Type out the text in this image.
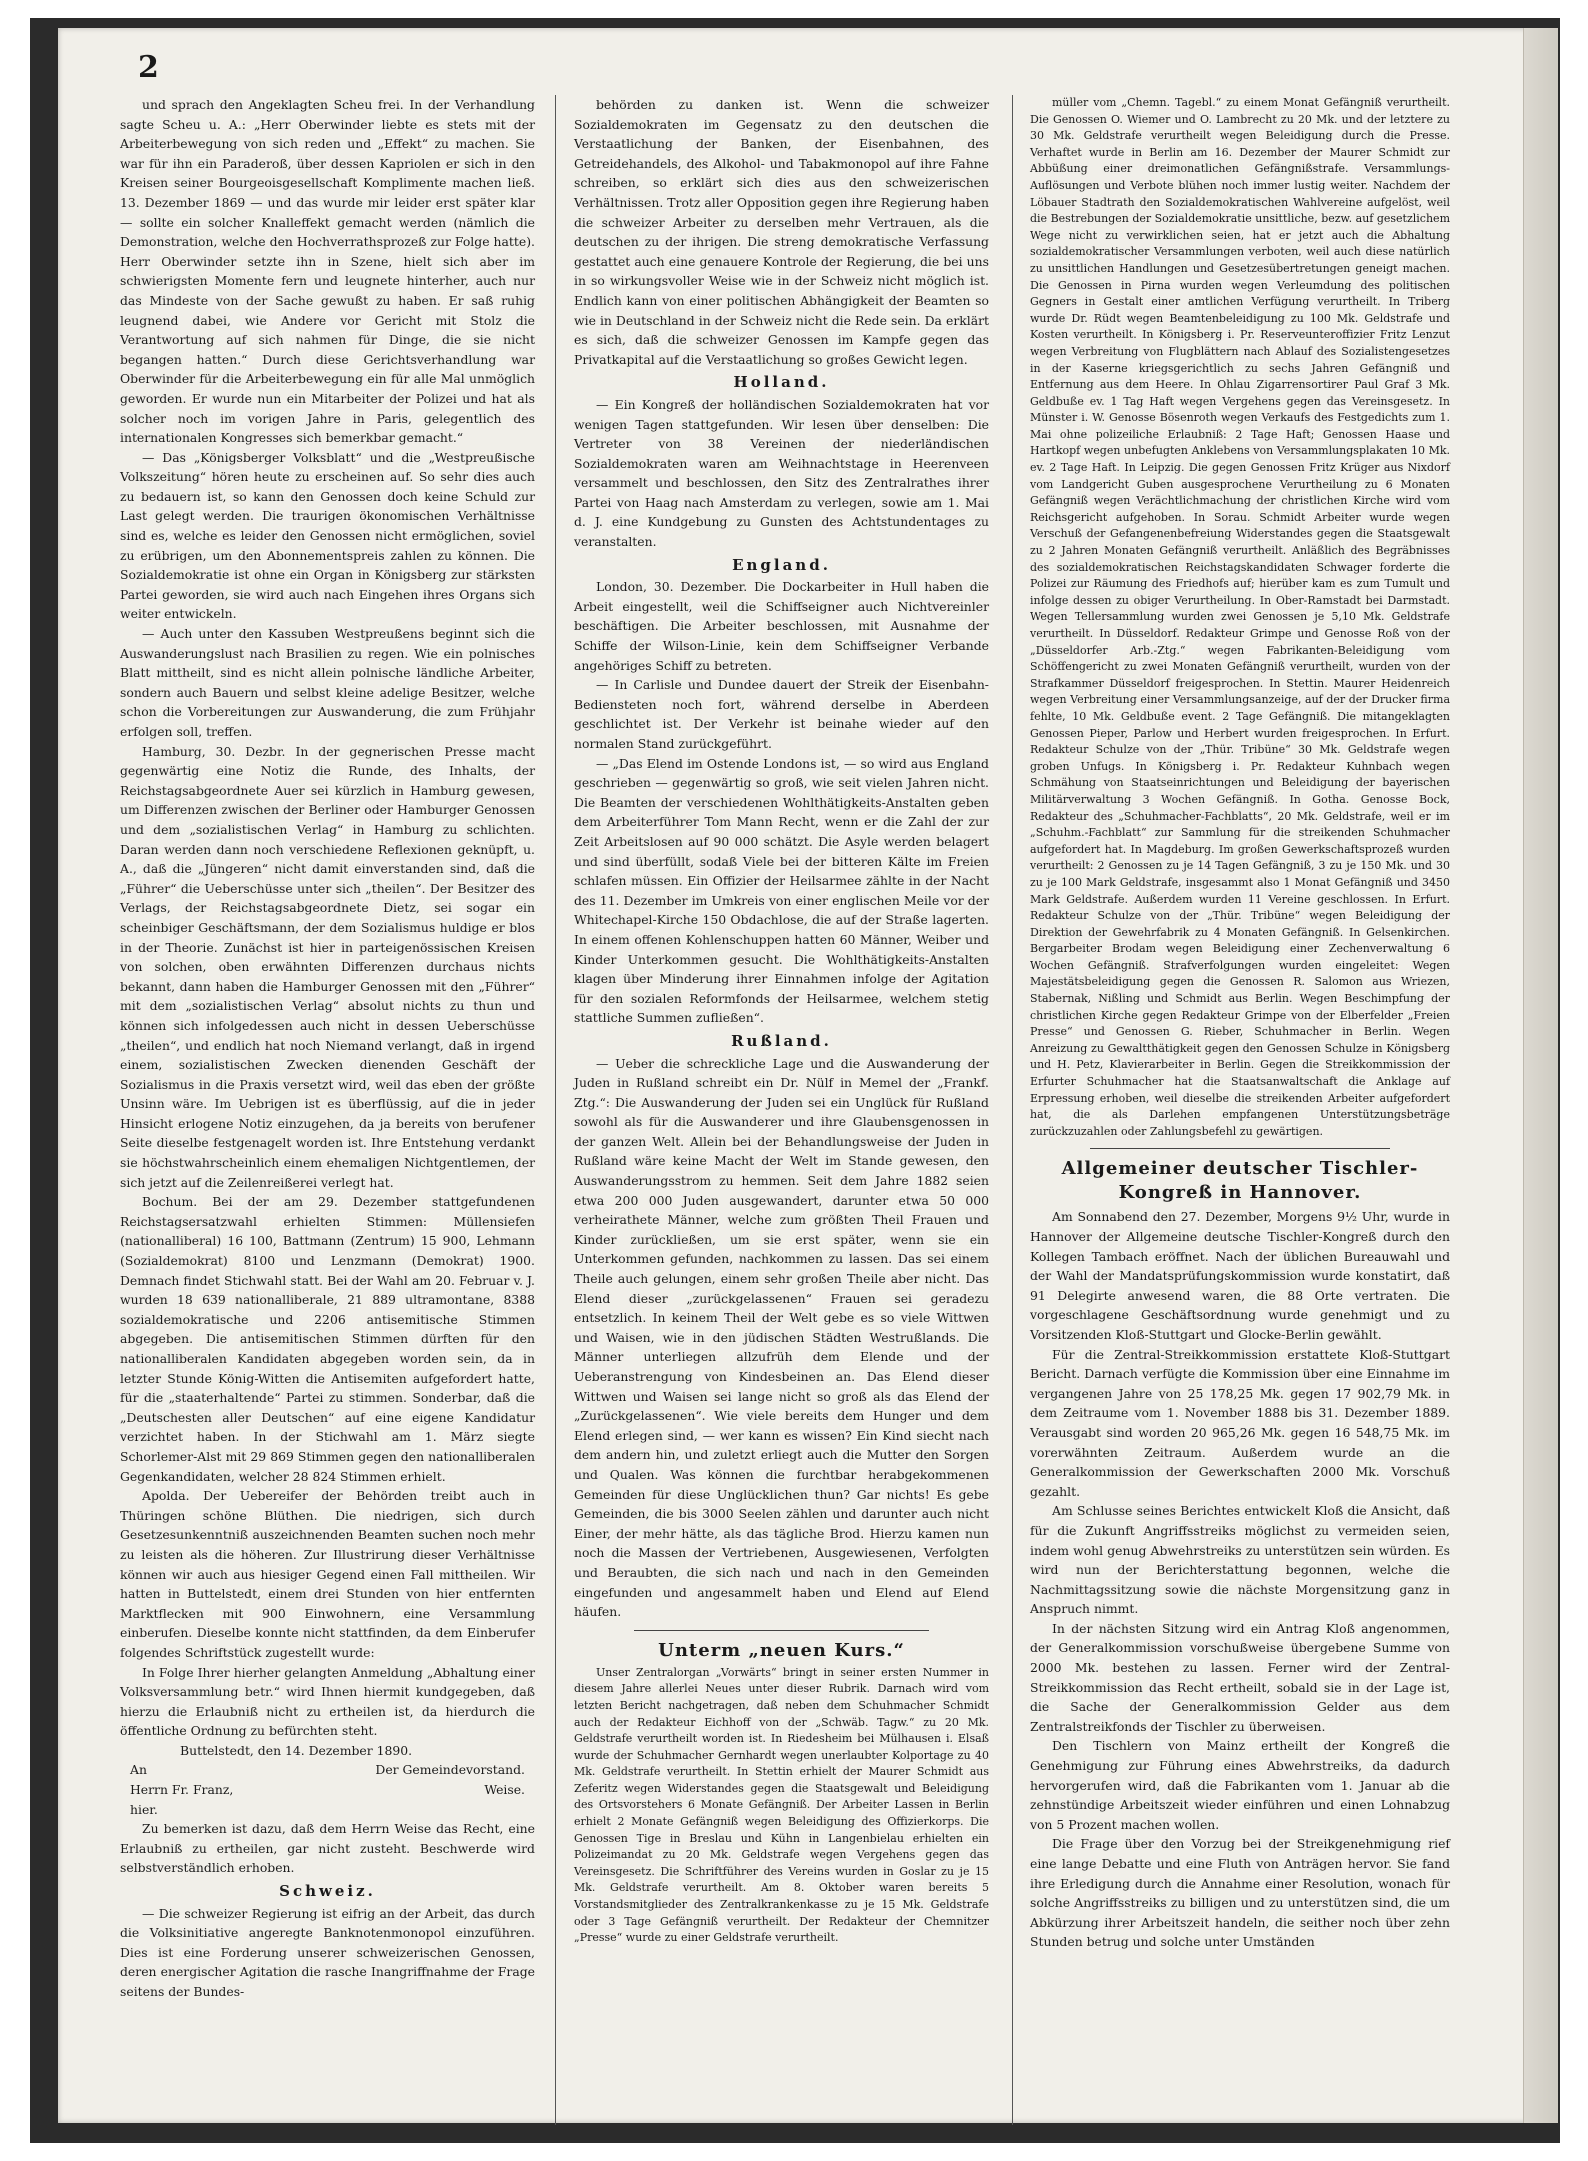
2

und sprach den Angeklagten Scheu frei. In der Verhandlung sagte Scheu u. A.: „Herr Oberwinder liebte es stets mit der Arbeiterbewegung von sich reden und „Effekt“ zu machen. Sie war für ihn ein Paraderoß, über dessen Kapriolen er sich in den Kreisen seiner Bourgeoisgesellschaft Komplimente machen ließ. 13. Dezember 1869 — und das wurde mir leider erst später klar — sollte ein solcher Knalleffekt gemacht werden (nämlich die Demonstration, welche den Hochverrathsprozeß zur Folge hatte). Herr Oberwinder setzte ihn in Szene, hielt sich aber im schwierigsten Momente fern und leugnete hinterher, auch nur das Mindeste von der Sache gewußt zu haben. Er saß ruhig leugnend dabei, wie Andere vor Gericht mit Stolz die Verantwortung auf sich nahmen für Dinge, die sie nicht begangen hatten.“ Durch diese Gerichtsverhandlung war Oberwinder für die Arbeiterbewegung ein für alle Mal unmöglich geworden. Er wurde nun ein Mitarbeiter der Polizei und hat als solcher noch im vorigen Jahre in Paris, gelegentlich des internationalen Kongresses sich bemerkbar gemacht.“

— Das „Königsberger Volksblatt“ und die „Westpreußische Volkszeitung“ hören heute zu erscheinen auf. So sehr dies auch zu bedauern ist, so kann den Genossen doch keine Schuld zur Last gelegt werden. Die traurigen ökonomischen Verhältnisse sind es, welche es leider den Genossen nicht ermöglichen, soviel zu erübrigen, um den Abonnementspreis zahlen zu können. Die Sozialdemokratie ist ohne ein Organ in Königsberg zur stärksten Partei geworden, sie wird auch nach Eingehen ihres Organs sich weiter entwickeln.

— Auch unter den Kassuben Westpreußens beginnt sich die Auswanderungslust nach Brasilien zu regen. Wie ein polnisches Blatt mittheilt, sind es nicht allein polnische ländliche Arbeiter, sondern auch Bauern und selbst kleine adelige Besitzer, welche schon die Vorbereitungen zur Auswanderung, die zum Frühjahr erfolgen soll, treffen.

Hamburg, 30. Dezbr. In der gegnerischen Presse macht gegenwärtig eine Notiz die Runde, des Inhalts, der Reichstagsabgeordnete Auer sei kürzlich in Hamburg gewesen, um Differenzen zwischen der Berliner oder Hamburger Genossen und dem „sozialistischen Verlag“ in Hamburg zu schlichten. Daran werden dann noch verschiedene Reflexionen geknüpft, u. A., daß die „Jüngeren“ nicht damit einverstanden sind, daß die „Führer“ die Ueberschüsse unter sich „theilen“. Der Besitzer des Verlags, der Reichstagsabgeordnete Dietz, sei sogar ein scheinbiger Geschäftsmann, der dem Sozialismus huldige er blos in der Theorie. Zunächst ist hier in parteigenössischen Kreisen von solchen, oben erwähnten Differenzen durchaus nichts bekannt, dann haben die Hamburger Genossen mit den „Führer“ mit dem „sozialistischen Verlag“ absolut nichts zu thun und können sich infolgedessen auch nicht in dessen Ueberschüsse „theilen“, und endlich hat noch Niemand verlangt, daß in irgend einem, sozialistischen Zwecken dienenden Geschäft der Sozialismus in die Praxis versetzt wird, weil das eben der größte Unsinn wäre. Im Uebrigen ist es überflüssig, auf die in jeder Hinsicht erlogene Notiz einzugehen, da ja bereits von berufener Seite dieselbe festgenagelt worden ist. Ihre Entstehung verdankt sie höchstwahrscheinlich einem ehemaligen Nichtgentlemen, der sich jetzt auf die Zeilenreißerei verlegt hat.

Bochum. Bei der am 29. Dezember stattgefundenen Reichstagsersatzwahl erhielten Stimmen: Müllensiefen (nationalliberal) 16 100, Battmann (Zentrum) 15 900, Lehmann (Sozialdemokrat) 8100 und Lenzmann (Demokrat) 1900. Demnach findet Stichwahl statt. Bei der Wahl am 20. Februar v. J. wurden 18 639 nationalliberale, 21 889 ultramontane, 8388 sozialdemokratische und 2206 antisemitische Stimmen abgegeben. Die antisemitischen Stimmen dürften für den nationalliberalen Kandidaten abgegeben worden sein, da in letzter Stunde König-Witten die Antisemiten aufgefordert hatte, für die „staaterhaltende“ Partei zu stimmen. Sonderbar, daß die „Deutschesten aller Deutschen“ auf eine eigene Kandidatur verzichtet haben. In der Stichwahl am 1. März siegte Schorlemer-Alst mit 29 869 Stimmen gegen den nationalliberalen Gegenkandidaten, welcher 28 824 Stimmen erhielt.

Apolda. Der Uebereifer der Behörden treibt auch in Thüringen schöne Blüthen. Die niedrigen, sich durch Gesetzesunkenntniß auszeichnenden Beamten suchen noch mehr zu leisten als die höheren. Zur Illustrirung dieser Verhältnisse können wir auch aus hiesiger Gegend einen Fall mittheilen. Wir hatten in Buttelstedt, einem drei Stunden von hier entfernten Marktflecken mit 900 Einwohnern, eine Versammlung einberufen. Dieselbe konnte nicht stattfinden, da dem Einberufer folgendes Schriftstück zugestellt wurde:

In Folge Ihrer hierher gelangten Anmeldung „Abhaltung einer Volksversammlung betr.“ wird Ihnen hiermit kundgegeben, daß hierzu die Erlaubniß nicht zu ertheilen ist, da hierdurch die öffentliche Ordnung zu befürchten steht.

Buttelstedt, den 14. Dezember 1890.

An	Der Gemeindevorstand.
Herrn Fr. Franz,	Weise.
hier.

Zu bemerken ist dazu, daß dem Herrn Weise das Recht, eine Erlaubniß zu ertheilen, gar nicht zusteht. Beschwerde wird selbstverständlich erhoben.

Schweiz.

— Die schweizer Regierung ist eifrig an der Arbeit, das durch die Volksinitiative angeregte Banknotenmonopol einzuführen. Dies ist eine Forderung unserer schweizerischen Genossen, deren energischer Agitation die rasche Inangriffnahme der Frage seitens der Bundes-

behörden zu danken ist. Wenn die schweizer Sozialdemokraten im Gegensatz zu den deutschen die Verstaatlichung der Banken, der Eisenbahnen, des Getreidehandels, des Alkohol- und Tabakmonopol auf ihre Fahne schreiben, so erklärt sich dies aus den schweizerischen Verhältnissen. Trotz aller Opposition gegen ihre Regierung haben die schweizer Arbeiter zu derselben mehr Vertrauen, als die deutschen zu der ihrigen. Die streng demokratische Verfassung gestattet auch eine genauere Kontrole der Regierung, die bei uns in so wirkungsvoller Weise wie in der Schweiz nicht möglich ist. Endlich kann von einer politischen Abhängigkeit der Beamten so wie in Deutschland in der Schweiz nicht die Rede sein. Da erklärt es sich, daß die schweizer Genossen im Kampfe gegen das Privatkapital auf die Verstaatlichung so großes Gewicht legen.

Holland.

— Ein Kongreß der holländischen Sozialdemokraten hat vor wenigen Tagen stattgefunden. Wir lesen über denselben: Die Vertreter von 38 Vereinen der niederländischen Sozialdemokraten waren am Weihnachtstage in Heerenveen versammelt und beschlossen, den Sitz des Zentralrathes ihrer Partei von Haag nach Amsterdam zu verlegen, sowie am 1. Mai d. J. eine Kundgebung zu Gunsten des Achtstundentages zu veranstalten.

England.

London, 30. Dezember. Die Dockarbeiter in Hull haben die Arbeit eingestellt, weil die Schiffseigner auch Nichtvereinler beschäftigen. Die Arbeiter beschlossen, mit Ausnahme der Schiffe der Wilson-Linie, kein dem Schiffseigner Verbande angehöriges Schiff zu betreten.

— In Carlisle und Dundee dauert der Streik der Eisenbahn-Bediensteten noch fort, während derselbe in Aberdeen geschlichtet ist. Der Verkehr ist beinahe wieder auf den normalen Stand zurückgeführt.

— „Das Elend im Ostende Londons ist, — so wird aus England geschrieben — gegenwärtig so groß, wie seit vielen Jahren nicht. Die Beamten der verschiedenen Wohlthätigkeits-Anstalten geben dem Arbeiterführer Tom Mann Recht, wenn er die Zahl der zur Zeit Arbeitslosen auf 90 000 schätzt. Die Asyle werden belagert und sind überfüllt, sodaß Viele bei der bitteren Kälte im Freien schlafen müssen. Ein Offizier der Heilsarmee zählte in der Nacht des 11. Dezember im Umkreis von einer englischen Meile vor der Whitechapel-Kirche 150 Obdachlose, die auf der Straße lagerten. In einem offenen Kohlenschuppen hatten 60 Männer, Weiber und Kinder Unterkommen gesucht. Die Wohlthätigkeits-Anstalten klagen über Minderung ihrer Einnahmen infolge der Agitation für den sozialen Reformfonds der Heilsarmee, welchem stetig stattliche Summen zufließen“.

Rußland.

— Ueber die schreckliche Lage und die Auswanderung der Juden in Rußland schreibt ein Dr. Nülf in Memel der „Frankf. Ztg.“: Die Auswanderung der Juden sei ein Unglück für Rußland sowohl als für die Auswanderer und ihre Glaubensgenossen in der ganzen Welt. Allein bei der Behandlungsweise der Juden in Rußland wäre keine Macht der Welt im Stande gewesen, den Auswanderungsstrom zu hemmen. Seit dem Jahre 1882 seien etwa 200 000 Juden ausgewandert, darunter etwa 50 000 verheirathete Männer, welche zum größten Theil Frauen und Kinder zurückließen, um sie erst später, wenn sie ein Unterkommen gefunden, nachkommen zu lassen. Das sei einem Theile auch gelungen, einem sehr großen Theile aber nicht. Das Elend dieser „zurückgelassenen“ Frauen sei geradezu entsetzlich. In keinem Theil der Welt gebe es so viele Wittwen und Waisen, wie in den jüdischen Städten Westrußlands. Die Männer unterliegen allzufrüh dem Elende und der Ueberanstrengung von Kindesbeinen an. Das Elend dieser Wittwen und Waisen sei lange nicht so groß als das Elend der „Zurückgelassenen“. Wie viele bereits dem Hunger und dem Elend erlegen sind, — wer kann es wissen? Ein Kind siecht nach dem andern hin, und zuletzt erliegt auch die Mutter den Sorgen und Qualen. Was können die furchtbar herabgekommenen Gemeinden für diese Unglücklichen thun? Gar nichts! Es gebe Gemeinden, die bis 3000 Seelen zählen und darunter auch nicht Einer, der mehr hätte, als das tägliche Brod. Hierzu kamen nun noch die Massen der Vertriebenen, Ausgewiesenen, Verfolgten und Beraubten, die sich nach und nach in den Gemeinden eingefunden und angesammelt haben und Elend auf Elend häufen.

Unterm „neuen Kurs.“

Unser Zentralorgan „Vorwärts“ bringt in seiner ersten Nummer in diesem Jahre allerlei Neues unter dieser Rubrik. Darnach wird vom letzten Bericht nachgetragen, daß neben dem Schuhmacher Schmidt auch der Redakteur Eichhoff von der „Schwäb. Tagw.“ zu 20 Mk. Geldstrafe verurtheilt worden ist. In Riedesheim bei Mülhausen i. Elsaß wurde der Schuhmacher Gernhardt wegen unerlaubter Kolportage zu 40 Mk. Geldstrafe verurtheilt. In Stettin erhielt der Maurer Schmidt aus Zeferitz wegen Widerstandes gegen die Staatsgewalt und Beleidigung des Ortsvorstehers 6 Monate Gefängniß. Der Arbeiter Lassen in Berlin erhielt 2 Monate Gefängniß wegen Beleidigung des Offizierkorps. Die Genossen Tige in Breslau und Kühn in Langenbielau erhielten ein Polizeimandat zu 20 Mk. Geldstrafe wegen Vergehens gegen das Vereinsgesetz. Die Schriftführer des Vereins wurden in Goslar zu je 15 Mk. Geldstrafe verurtheilt. Am 8. Oktober waren bereits 5 Vorstandsmitglieder des Zentralkrankenkasse zu je 15 Mk. Geldstrafe oder 3 Tage Gefängniß verurtheilt. Der Redakteur der Chemnitzer „Presse“ wurde zu einer Geldstrafe verurtheilt.

müller vom „Chemn. Tagebl.“ zu einem Monat Gefängniß verurtheilt. Die Genossen O. Wiemer und O. Lambrecht zu 20 Mk. und der letztere zu 30 Mk. Geldstrafe verurtheilt wegen Beleidigung durch die Presse. Verhaftet wurde in Berlin am 16. Dezember der Maurer Schmidt zur Abbüßung einer dreimonatlichen Gefängnißstrafe. Versammlungs-Auflösungen und Verbote blühen noch immer lustig weiter. Nachdem der Löbauer Stadtrath den Sozialdemokratischen Wahlvereine aufgelöst, weil die Bestrebungen der Sozialdemokratie unsittliche, bezw. auf gesetzlichem Wege nicht zu verwirklichen seien, hat er jetzt auch die Abhaltung sozialdemokratischer Versammlungen verboten, weil auch diese natürlich zu unsittlichen Handlungen und Gesetzesübertretungen geneigt machen. Die Genossen in Pirna wurden wegen Verleumdung des politischen Gegners in Gestalt einer amtlichen Verfügung verurtheilt. In Triberg wurde Dr. Rüdt wegen Beamtenbeleidigung zu 100 Mk. Geldstrafe und Kosten verurtheilt. In Königsberg i. Pr. Reserveunteroffizier Fritz Lenzut wegen Verbreitung von Flugblättern nach Ablauf des Sozialistengesetzes in der Kaserne kriegsgerichtlich zu sechs Jahren Gefängniß und Entfernung aus dem Heere. In Ohlau Zigarrensortirer Paul Graf 3 Mk. Geldbuße ev. 1 Tag Haft wegen Vergehens gegen das Vereinsgesetz. In Münster i. W. Genosse Bösenroth wegen Verkaufs des Festgedichts zum 1. Mai ohne polizeiliche Erlaubniß: 2 Tage Haft; Genossen Haase und Hartkopf wegen unbefugten Anklebens von Versammlungsplakaten 10 Mk. ev. 2 Tage Haft. In Leipzig. Die gegen Genossen Fritz Krüger aus Nixdorf vom Landgericht Guben ausgesprochene Verurtheilung zu 6 Monaten Gefängniß wegen Verächtlichmachung der christlichen Kirche wird vom Reichsgericht aufgehoben. In Sorau. Schmidt Arbeiter wurde wegen Verschuß der Gefangenenbefreiung Widerstandes gegen die Staatsgewalt zu 2 Jahren Monaten Gefängniß verurtheilt. Anläßlich des Begräbnisses des sozialdemokratischen Reichstagskandidaten Schwager forderte die Polizei zur Räumung des Friedhofs auf; hierüber kam es zum Tumult und infolge dessen zu obiger Verurtheilung. In Ober-Ramstadt bei Darmstadt. Wegen Tellersammlung wurden zwei Genossen je 5,10 Mk. Geldstrafe verurtheilt. In Düsseldorf. Redakteur Grimpe und Genosse Roß von der „Düsseldorfer Arb.-Ztg.“ wegen Fabrikanten-Beleidigung vom Schöffengericht zu zwei Monaten Gefängniß verurtheilt, wurden von der Strafkammer Düsseldorf freigesprochen. In Stettin. Maurer Heidenreich wegen Verbreitung einer Versammlungsanzeige, auf der der Drucker firma fehlte, 10 Mk. Geldbuße event. 2 Tage Gefängniß. Die mitangeklagten Genossen Pieper, Parlow und Herbert wurden freigesprochen. In Erfurt. Redakteur Schulze von der „Thür. Tribüne“ 30 Mk. Geldstrafe wegen groben Unfugs. In Königsberg i. Pr. Redakteur Kuhnbach wegen Schmähung von Staatseinrichtungen und Beleidigung der bayerischen Militärverwaltung 3 Wochen Gefängniß. In Gotha. Genosse Bock, Redakteur des „Schuhmacher-Fachblatts“, 20 Mk. Geldstrafe, weil er im „Schuhm.-Fachblatt“ zur Sammlung für die streikenden Schuhmacher aufgefordert hat. In Magdeburg. Im großen Gewerkschaftsprozeß wurden verurtheilt: 2 Genossen zu je 14 Tagen Gefängniß, 3 zu je 150 Mk. und 30 zu je 100 Mark Geldstrafe, insgesammt also 1 Monat Gefängniß und 3450 Mark Geldstrafe. Außerdem wurden 11 Vereine geschlossen. In Erfurt. Redakteur Schulze von der „Thür. Tribüne“ wegen Beleidigung der Direktion der Gewehrfabrik zu 4 Monaten Gefängniß. In Gelsenkirchen. Bergarbeiter Brodam wegen Beleidigung einer Zechenverwaltung 6 Wochen Gefängniß. Strafverfolgungen wurden eingeleitet: Wegen Majestätsbeleidigung gegen die Genossen R. Salomon aus Wriezen, Stabernak, Nißling und Schmidt aus Berlin. Wegen Beschimpfung der christlichen Kirche gegen Redakteur Grimpe von der Elberfelder „Freien Presse“ und Genossen G. Rieber, Schuhmacher in Berlin. Wegen Anreizung zu Gewaltthätigkeit gegen den Genossen Schulze in Königsberg und H. Petz, Klavierarbeiter in Berlin. Gegen die Streikkommission der Erfurter Schuhmacher hat die Staatsanwaltschaft die Anklage auf Erpressung erhoben, weil dieselbe die streikenden Arbeiter aufgefordert hat, die als Darlehen empfangenen Unterstützungsbeträge zurückzuzahlen oder Zahlungsbefehl zu gewärtigen.

Allgemeiner deutscher Tischler-Kongreß in Hannover.

Am Sonnabend den 27. Dezember, Morgens 9½ Uhr, wurde in Hannover der Allgemeine deutsche Tischler-Kongreß durch den Kollegen Tambach eröffnet. Nach der üblichen Bureauwahl und der Wahl der Mandatsprüfungskommission wurde konstatirt, daß 91 Delegirte anwesend waren, die 88 Orte vertraten. Die vorgeschlagene Geschäftsordnung wurde genehmigt und zu Vorsitzenden Kloß-Stuttgart und Glocke-Berlin gewählt.

Für die Zentral-Streikkommission erstattete Kloß-Stuttgart Bericht. Darnach verfügte die Kommission über eine Einnahme im vergangenen Jahre von 25 178,25 Mk. gegen 17 902,79 Mk. in dem Zeitraume vom 1. November 1888 bis 31. Dezember 1889. Verausgabt sind worden 20 965,26 Mk. gegen 16 548,75 Mk. im vorerwähnten Zeitraum. Außerdem wurde an die Generalkommission der Gewerkschaften 2000 Mk. Vorschuß gezahlt.

Am Schlusse seines Berichtes entwickelt Kloß die Ansicht, daß für die Zukunft Angriffsstreiks möglichst zu vermeiden seien, indem wohl genug Abwehrstreiks zu unterstützen sein würden. Es wird nun der Berichterstattung begonnen, welche die Nachmittagssitzung sowie die nächste Morgensitzung ganz in Anspruch nimmt.

In der nächsten Sitzung wird ein Antrag Kloß angenommen, der Generalkommission vorschußweise übergebene Summe von 2000 Mk. bestehen zu lassen. Ferner wird der Zentral-Streikkommission das Recht ertheilt, sobald sie in der Lage ist, die Sache der Generalkommission Gelder aus dem Zentralstreikfonds der Tischler zu überweisen.

Den Tischlern von Mainz ertheilt der Kongreß die Genehmigung zur Führung eines Abwehrstreiks, da dadurch hervorgerufen wird, daß die Fabrikanten vom 1. Januar ab die zehnstündige Arbeitszeit wieder einführen und einen Lohnabzug von 5 Prozent machen wollen.

Die Frage über den Vorzug bei der Streikgenehmigung rief eine lange Debatte und eine Fluth von Anträgen hervor. Sie fand ihre Erledigung durch die Annahme einer Resolution, wonach für solche Angriffsstreiks zu billigen und zu unterstützen sind, die um Abkürzung ihrer Arbeitszeit handeln, die seither noch über zehn Stunden betrug und solche unter Umständen
